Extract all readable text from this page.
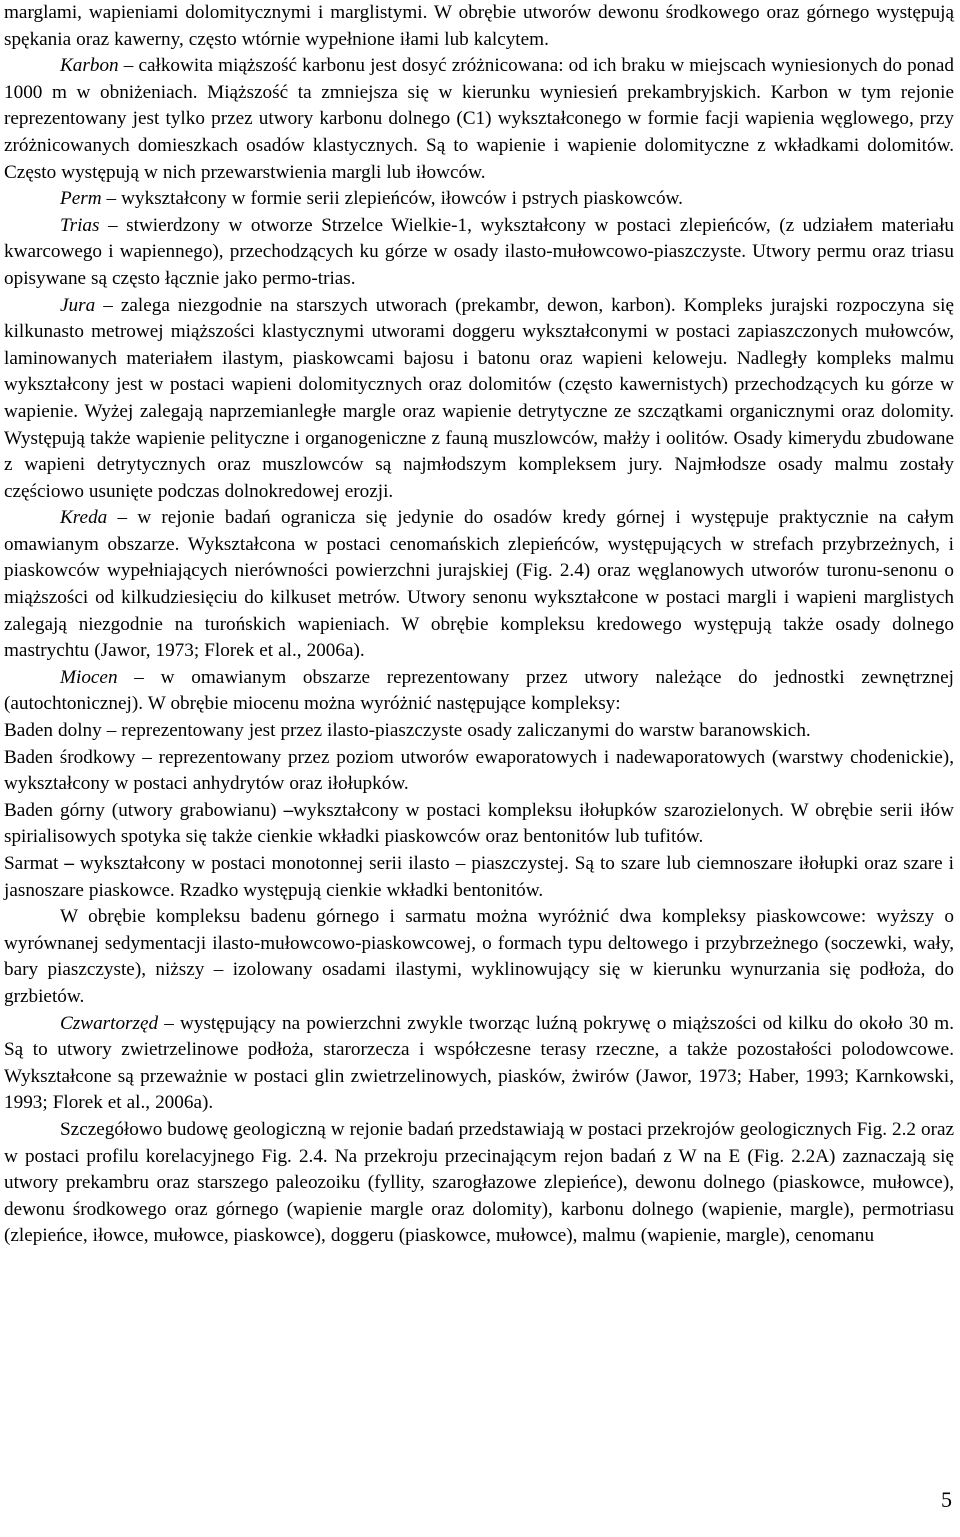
marglami, wapieniami dolomitycznymi i marglistymi. W obrębie utworów dewonu środkowego oraz górnego występują spękania oraz kawerny, często wtórnie wypełnione iłami lub kalcytem.

Karbon – całkowita miąższość karbonu jest dosyć zróżnicowana: od ich braku w miejscach wyniesionych do ponad 1000 m w obniżeniach. Miąższość ta zmniejsza się w kierunku wyniesień prekambryjskich. Karbon w tym rejonie reprezentowany jest tylko przez utwory karbonu dolnego (C1) wykształconego w formie facji wapienia węglowego, przy zróżnicowanych domieszkach osadów klastycznych. Są to wapienie i wapienie dolomityczne z wkładkami dolomitów. Często występują w nich przewarstwienia margli lub iłowców.

Perm – wykształcony w formie serii zlepieńców, iłowców i pstrych piaskowców.

Trias – stwierdzony w otworze Strzelce Wielkie-1, wykształcony w postaci zlepieńców, (z udziałem materiału kwarcowego i wapiennego), przechodzących ku górze w osady ilasto-mułowcowo-piaszczyste. Utwory permu oraz triasu opisywane są często łącznie jako permo-trias.

Jura – zalega niezgodnie na starszych utworach (prekambr, dewon, karbon). Kompleks jurajski rozpoczyna się kilkunasto metrowej miąższości klastycznymi utworami doggeru wykształconymi w postaci zapiaszczonych mułowców, laminowanych materiałem ilastym, piaskowcami bajosu i batonu oraz wapieni keloweju. Nadległy kompleks malmu wykształcony jest w postaci wapieni dolomitycznych oraz dolomitów (często kawernistych) przechodzących ku górze w wapienie. Wyżej zalegają naprzemianległe margle oraz wapienie detrytyczne ze szczątkami organicznymi oraz dolomity. Występują także wapienie pelityczne i organogeniczne z fauną muszlowców, małży i oolitów. Osady kimerydu zbudowane z wapieni detrytycznych oraz muszlowców są najmłodszym kompleksem jury. Najmłodsze osady malmu zostały częściowo usunięte podczas dolnokredowej erozji.

Kreda – w rejonie badań ogranicza się jedynie do osadów kredy górnej i występuje praktycznie na całym omawianym obszarze. Wykształcona w postaci cenomańskich zlepieńców, występujących w strefach przybrzeżnych, i piaskowców wypełniających nierówności powierzchni jurajskiej (Fig. 2.4) oraz węglanowych utworów turonu-senonu o miąższości od kilkudziesięciu do kilkuset metrów. Utwory senonu wykształcone w postaci margli i wapieni marglistych zalegają niezgodnie na turońskich wapieniach. W obrębie kompleksu kredowego występują także osady dolnego mastrychtu (Jawor, 1973; Florek et al., 2006a).

Miocen – w omawianym obszarze reprezentowany przez utwory należące do jednostki zewnętrznej (autochtonicznej). W obrębie miocenu można wyróżnić następujące kompleksy:

Baden dolny – reprezentowany jest przez ilasto-piaszczyste osady zaliczanymi do warstw baranowskich.

Baden środkowy – reprezentowany przez poziom utworów ewaporatowych i nadewaporatowych (warstwy chodenickie), wykształcony w postaci anhydrytów oraz iłołupków.

Baden górny (utwory grabowianu) –wykształcony w postaci kompleksu iłołupków szarozielonych. W obrębie serii iłów spirialisowych spotyka się także cienkie wkładki piaskowców oraz bentonitów lub tufitów.

Sarmat – wykształcony w postaci monotonnej serii ilasto – piaszczystej. Są to szare lub ciemnoszare iłołupki oraz szare i jasnoszare piaskowce. Rzadko występują cienkie wkładki bentonitów.

W obrębie kompleksu badenu górnego i sarmatu można wyróżnić dwa kompleksy piaskowcowe: wyższy o wyrównanej sedymentacji ilasto-mułowcowo-piaskowcowej, o formach typu deltowego i przybrzeżnego (soczewki, wały, bary piaszczyste), niższy – izolowany osadami ilastymi, wyklinowujący się w kierunku wynurzania się podłoża, do grzbietów.

Czwartorzęd – występujący na powierzchni zwykle tworząc luźną pokrywę o miąższości od kilku do około 30 m. Są to utwory zwietrzelinowe podłoża, starorzecza i współczesne terasy rzeczne, a także pozostałości polodowcowe. Wykształcone są przeważnie w postaci glin zwietrzelinowych, piasków, żwirów (Jawor, 1973; Haber, 1993; Karnkowski, 1993; Florek et al., 2006a).

Szczegółowo budowę geologiczną w rejonie badań przedstawiają w postaci przekrojów geologicznych Fig. 2.2 oraz w postaci profilu korelacyjnego Fig. 2.4. Na przekroju przecinającym rejon badań z W na E (Fig. 2.2A) zaznaczają się utwory prekambru oraz starszego paleozoiku (fyllity, szarogłazowe zlepieńce), dewonu dolnego (piaskowce, mułowce), dewonu środkowego oraz górnego (wapienie margle oraz dolomity), karbonu dolnego (wapienie, margle), permotriasu (zlepieńce, iłowce, mułowce, piaskowce), doggeru (piaskowce, mułowce), malmu (wapienie, margle), cenomanu

5
